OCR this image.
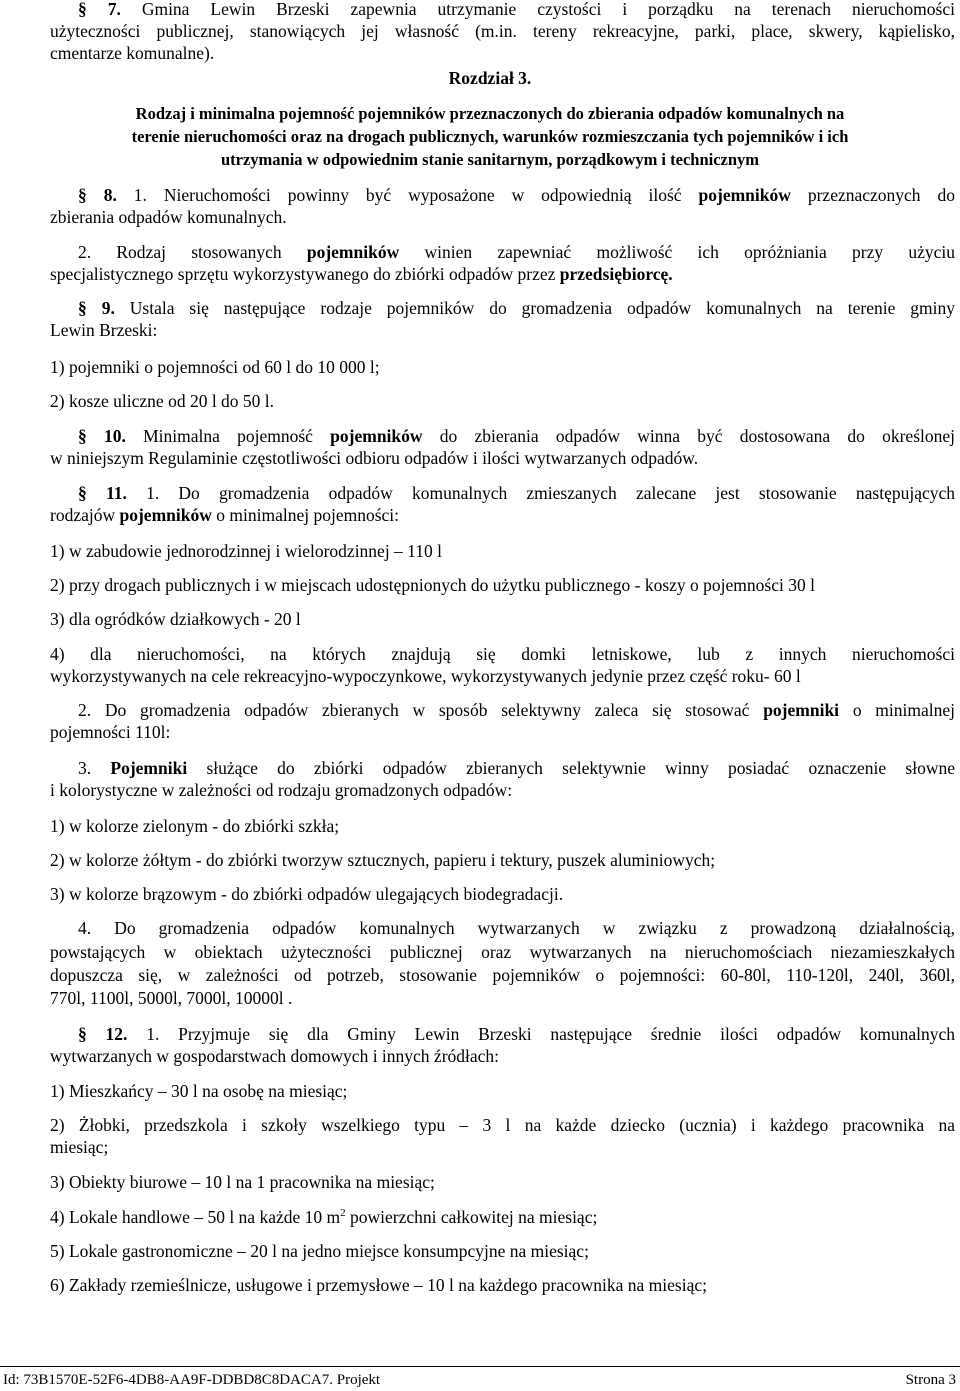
§ 7. Gmina Lewin Brzeski zapewnia utrzymanie czystości i porządku na terenach nieruchomości
użyteczności publicznej, stanowiących jej własność (m.in. tereny rekreacyjne, parki, place, skwery, kąpielisko,
cmentarze komunalne).
Rozdział 3.
Rodzaj i minimalna pojemność pojemników przeznaczonych do zbierania odpadów komunalnych na
terenie nieruchomości oraz na drogach publicznych, warunków rozmieszczania tych pojemników i ich
utrzymania w odpowiednim stanie sanitarnym, porządkowym i technicznym
§ 8. 1. Nieruchomości powinny być wyposażone w odpowiednią ilość pojemników przeznaczonych do
zbierania odpadów komunalnych.
2. Rodzaj stosowanych pojemników winien zapewniać możliwość ich opróżniania przy użyciu
specjalistycznego sprzętu wykorzystywanego do zbiórki odpadów przez przedsiębiorcę.
§ 9. Ustala się następujące rodzaje pojemników do gromadzenia odpadów komunalnych na terenie gminy
Lewin Brzeski:
1) pojemniki o pojemności od 60 l do 10 000 l;
2) kosze uliczne od 20 l do 50 l.
§ 10. Minimalna pojemność pojemników do zbierania odpadów winna być dostosowana do określonej
w niniejszym Regulaminie częstotliwości odbioru odpadów i ilości wytwarzanych odpadów.
§ 11. 1. Do gromadzenia odpadów komunalnych zmieszanych zalecane jest stosowanie następujących
rodzajów pojemników o minimalnej pojemności:
1) w zabudowie jednorodzinnej i wielorodzinnej – 110 l
2) przy drogach publicznych i w miejscach udostępnionych do użytku publicznego - koszy o pojemności 30 l
3) dla ogródków działkowych - 20 l
4) dla nieruchomości, na których znajdują się domki letniskowe, lub z innych nieruchomości
wykorzystywanych na cele rekreacyjno-wypoczynkowe, wykorzystywanych jedynie przez część roku- 60 l
2. Do gromadzenia odpadów zbieranych w sposób selektywny zaleca się stosować pojemniki o minimalnej
pojemności 110l:
3. Pojemniki służące do zbiórki odpadów zbieranych selektywnie winny posiadać oznaczenie słowne
i kolorystyczne w zależności od rodzaju gromadzonych odpadów:
1) w kolorze zielonym - do zbiórki szkła;
2) w kolorze żółtym - do zbiórki tworzyw sztucznych, papieru i tektury, puszek aluminiowych;
3) w kolorze brązowym - do zbiórki odpadów ulegających biodegradacji.
4. Do gromadzenia odpadów komunalnych wytwarzanych w związku z prowadzoną działalnością,
powstających w obiektach użyteczności publicznej oraz wytwarzanych na nieruchomościach niezamieszkałych
dopuszcza się, w zależności od potrzeb, stosowanie pojemników o pojemności: 60-80l, 110-120l, 240l, 360l,
770l, 1100l, 5000l, 7000l, 10000l .
§ 12. 1. Przyjmuje się dla Gminy Lewin Brzeski następujące średnie ilości odpadów komunalnych
wytwarzanych w gospodarstwach domowych i innych źródłach:
1) Mieszkańcy – 30 l na osobę na miesiąc;
2) Żłobki, przedszkola i szkoły wszelkiego typu – 3 l na każde dziecko (ucznia) i każdego pracownika na
miesiąc;
3) Obiekty biurowe – 10 l na 1 pracownika na miesiąc;
4) Lokale handlowe – 50 l na każde 10 $m^2$ powierzchni całkowitej na miesiąc;
5) Lokale gastronomiczne – 20 l na jedno miejsce konsumpcyjne na miesiąc;
6) Zakłady rzemieślnicze, usługowe i przemysłowe – 10 l na każdego pracownika na miesiąc;
Id: 73B1570E-52F6-4DB8-AA9F-DDBD8C8DACA7. Projekt	Strona 3
